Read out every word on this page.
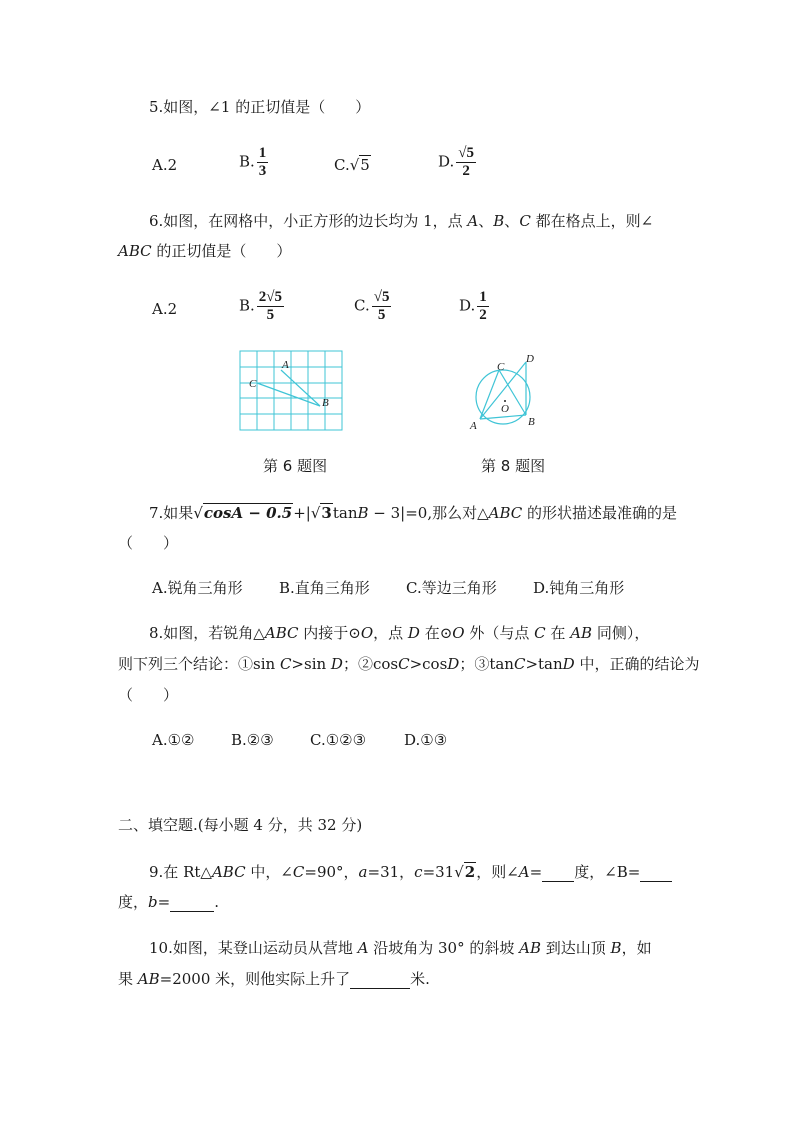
5.如图，∠1 的正切值是（　　）
A.2	B. $\frac{1}{3}$	C.√5	D. $\frac{√5}{2}$
6.如图，在网格中，小正方形的边长均为 1，点 A、B、C 都在格点上，则∠
ABC 的正切值是（　　）
A.2	B. $\frac{2√5}{5}$	C. $\frac{√5}{5}$	D. $\frac{1}{2}$
A
C
B
C
D
O
A	B
第 6 题图	第 8 题图
7.如果√cosA − 0.5+|√3tanB − 3|=0,那么对△ABC 的形状描述最准确的是
（　　）
A.锐角三角形 B.直角三角形 C.等边三角形 D.钝角三角形
8.如图，若锐角△ABC 内接于⊙O，点 D 在⊙O 外（与点 C 在 AB 同侧），
则下列三个结论：①sin C>sin D；②cosC>cosD；③tanC>tanD 中，正确的结论为
（　　）
A.①② B.②③ C.①②③	D.①③
二、填空题.(每小题 4 分，共 32 分)
9.在 Rt△ABC 中，∠C=90°，a=31，c=31√2，则∠A= 度，∠B=
度，b=	.
10.如图，某登山运动员从营地 A 沿坡角为 30° 的斜坡 AB 到达山顶 B，如
果 AB=2000 米，则他实际上升了	米.
